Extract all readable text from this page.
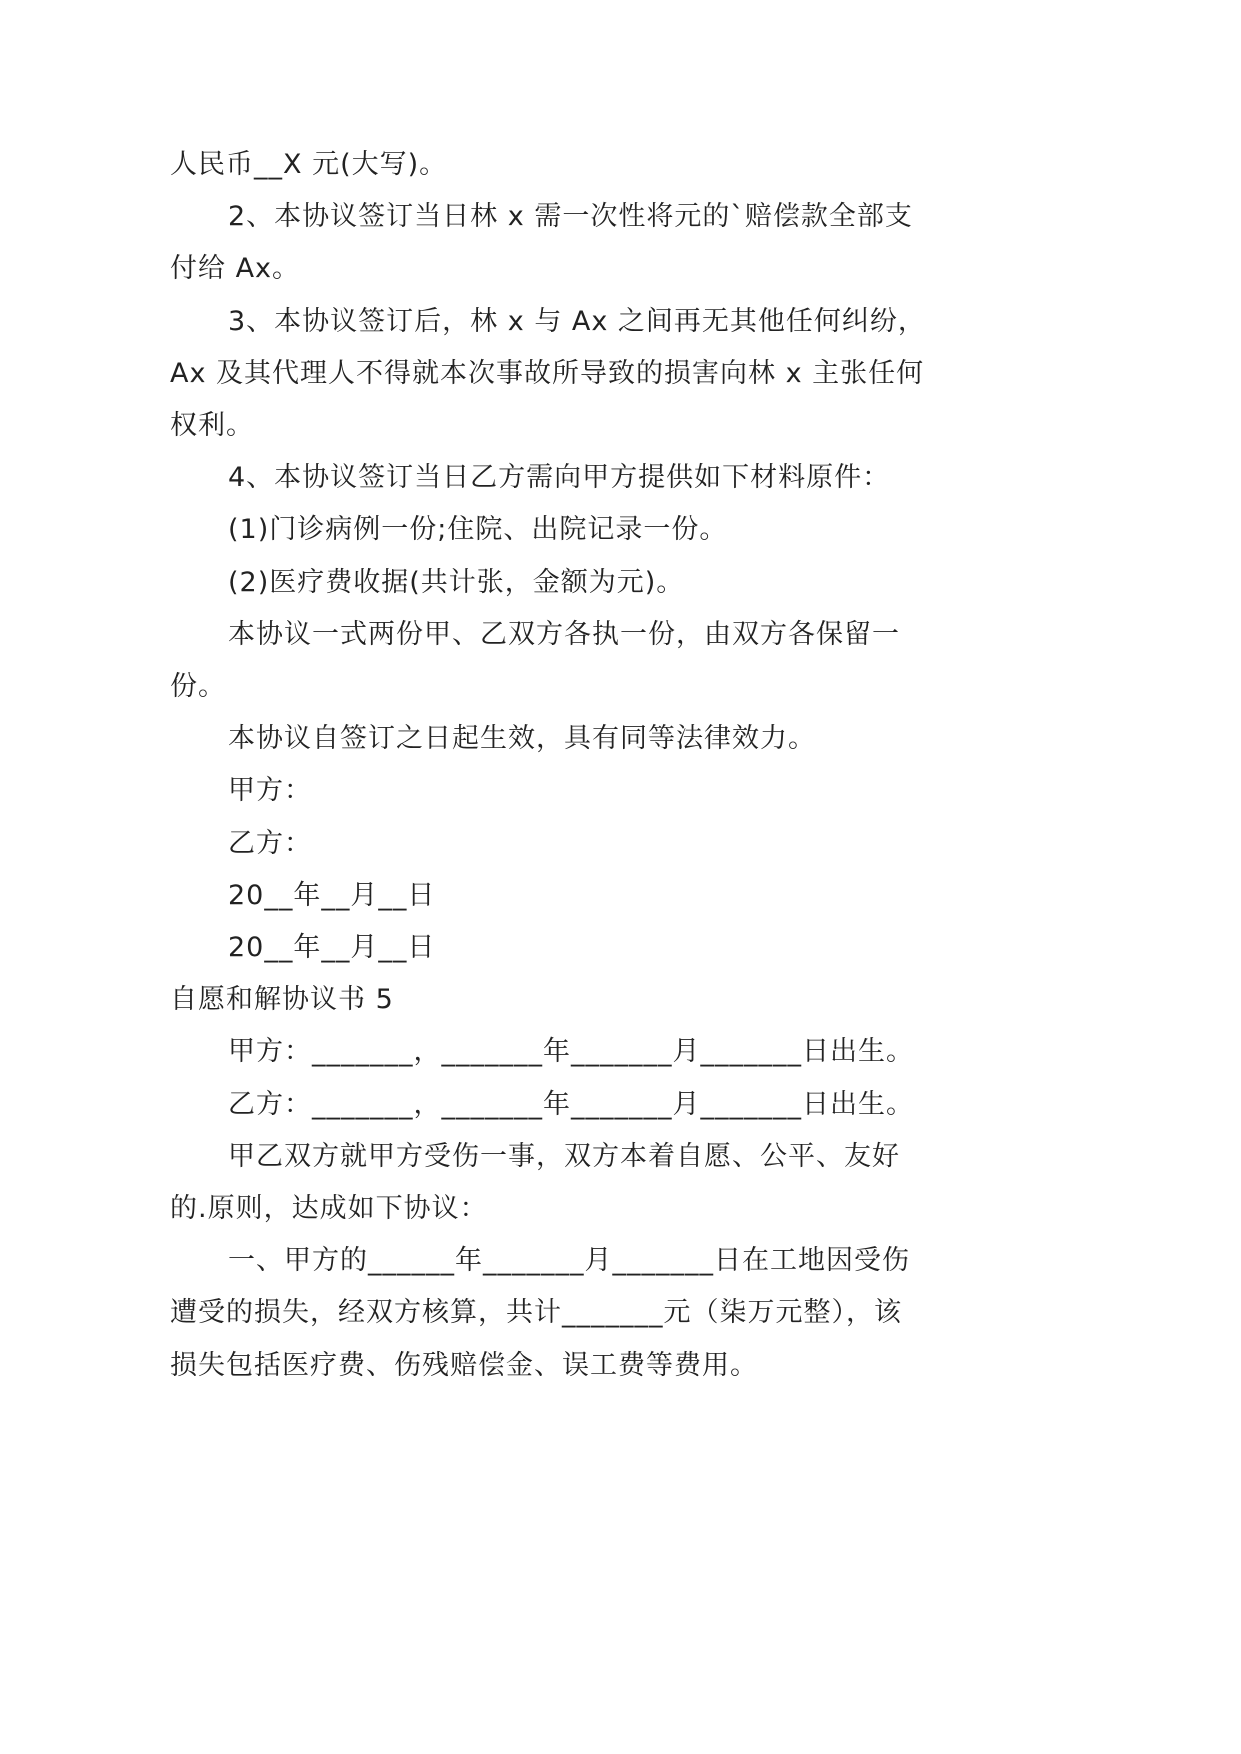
人民币__X 元(大写)。
2、本协议签订当日林 x 需一次性将元的`赔偿款全部支
付给 Ax。
3、本协议签订后，林 x 与 Ax 之间再无其他任何纠纷，
Ax 及其代理人不得就本次事故所导致的损害向林 x 主张任何
权利。
4、本协议签订当日乙方需向甲方提供如下材料原件：
(1)门诊病例一份;住院、出院记录一份。
(2)医疗费收据(共计张，金额为元)。
本协议一式两份甲、乙双方各执一份，由双方各保留一
份。
本协议自签订之日起生效，具有同等法律效力。
甲方：
乙方：
20__年__月__日
20__年__月__日
自愿和解协议书 5
甲方：_______，_______年_______月_______日出生。
乙方：_______，_______年_______月_______日出生。
甲乙双方就甲方受伤一事，双方本着自愿、公平、友好
的.原则，达成如下协议：
一、甲方的______年_______月_______日在工地因受伤
遭受的损失，经双方核算，共计_______元（柒万元整），该
损失包括医疗费、伤残赔偿金、误工费等费用。
